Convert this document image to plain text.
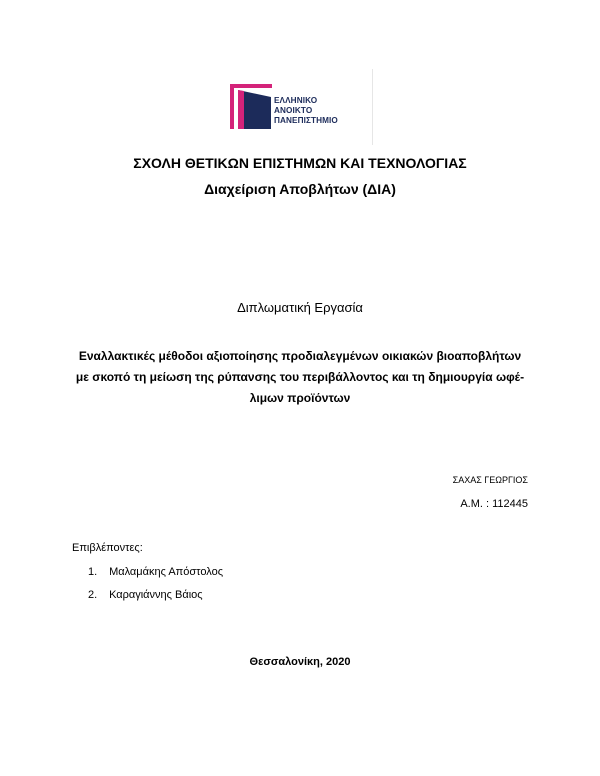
ΕΛΛΗΝΙΚΟ
ΑΝΟΙΚΤΟ
ΠΑΝΕΠΙΣΤΗΜΙΟ
ΣΧΟΛΗ ΘΕΤΙΚΩΝ ΕΠΙΣΤΗΜΩΝ ΚΑΙ ΤΕΧΝΟΛΟΓΙΑΣ
Διαχείριση Αποβλήτων (ΔΙΑ)
Διπλωματική Εργασία
Εναλλακτικές μέθοδοι αξιοποίησης προδιαλεγμένων οικιακών βιοαποβλήτων
με σκοπό τη μείωση της ρύπανσης του περιβάλλοντος και τη δημιουργία ωφέ-
λιμων προϊόντων
ΣΑΧΑΣ ΓΕΩΡΓΙΟΣ
Α.Μ. : 112445
Επιβλέποντες:
1. Μαλαμάκης Απόστολος
2. Καραγιάννης Βάιος
Θεσσαλονίκη, 2020
